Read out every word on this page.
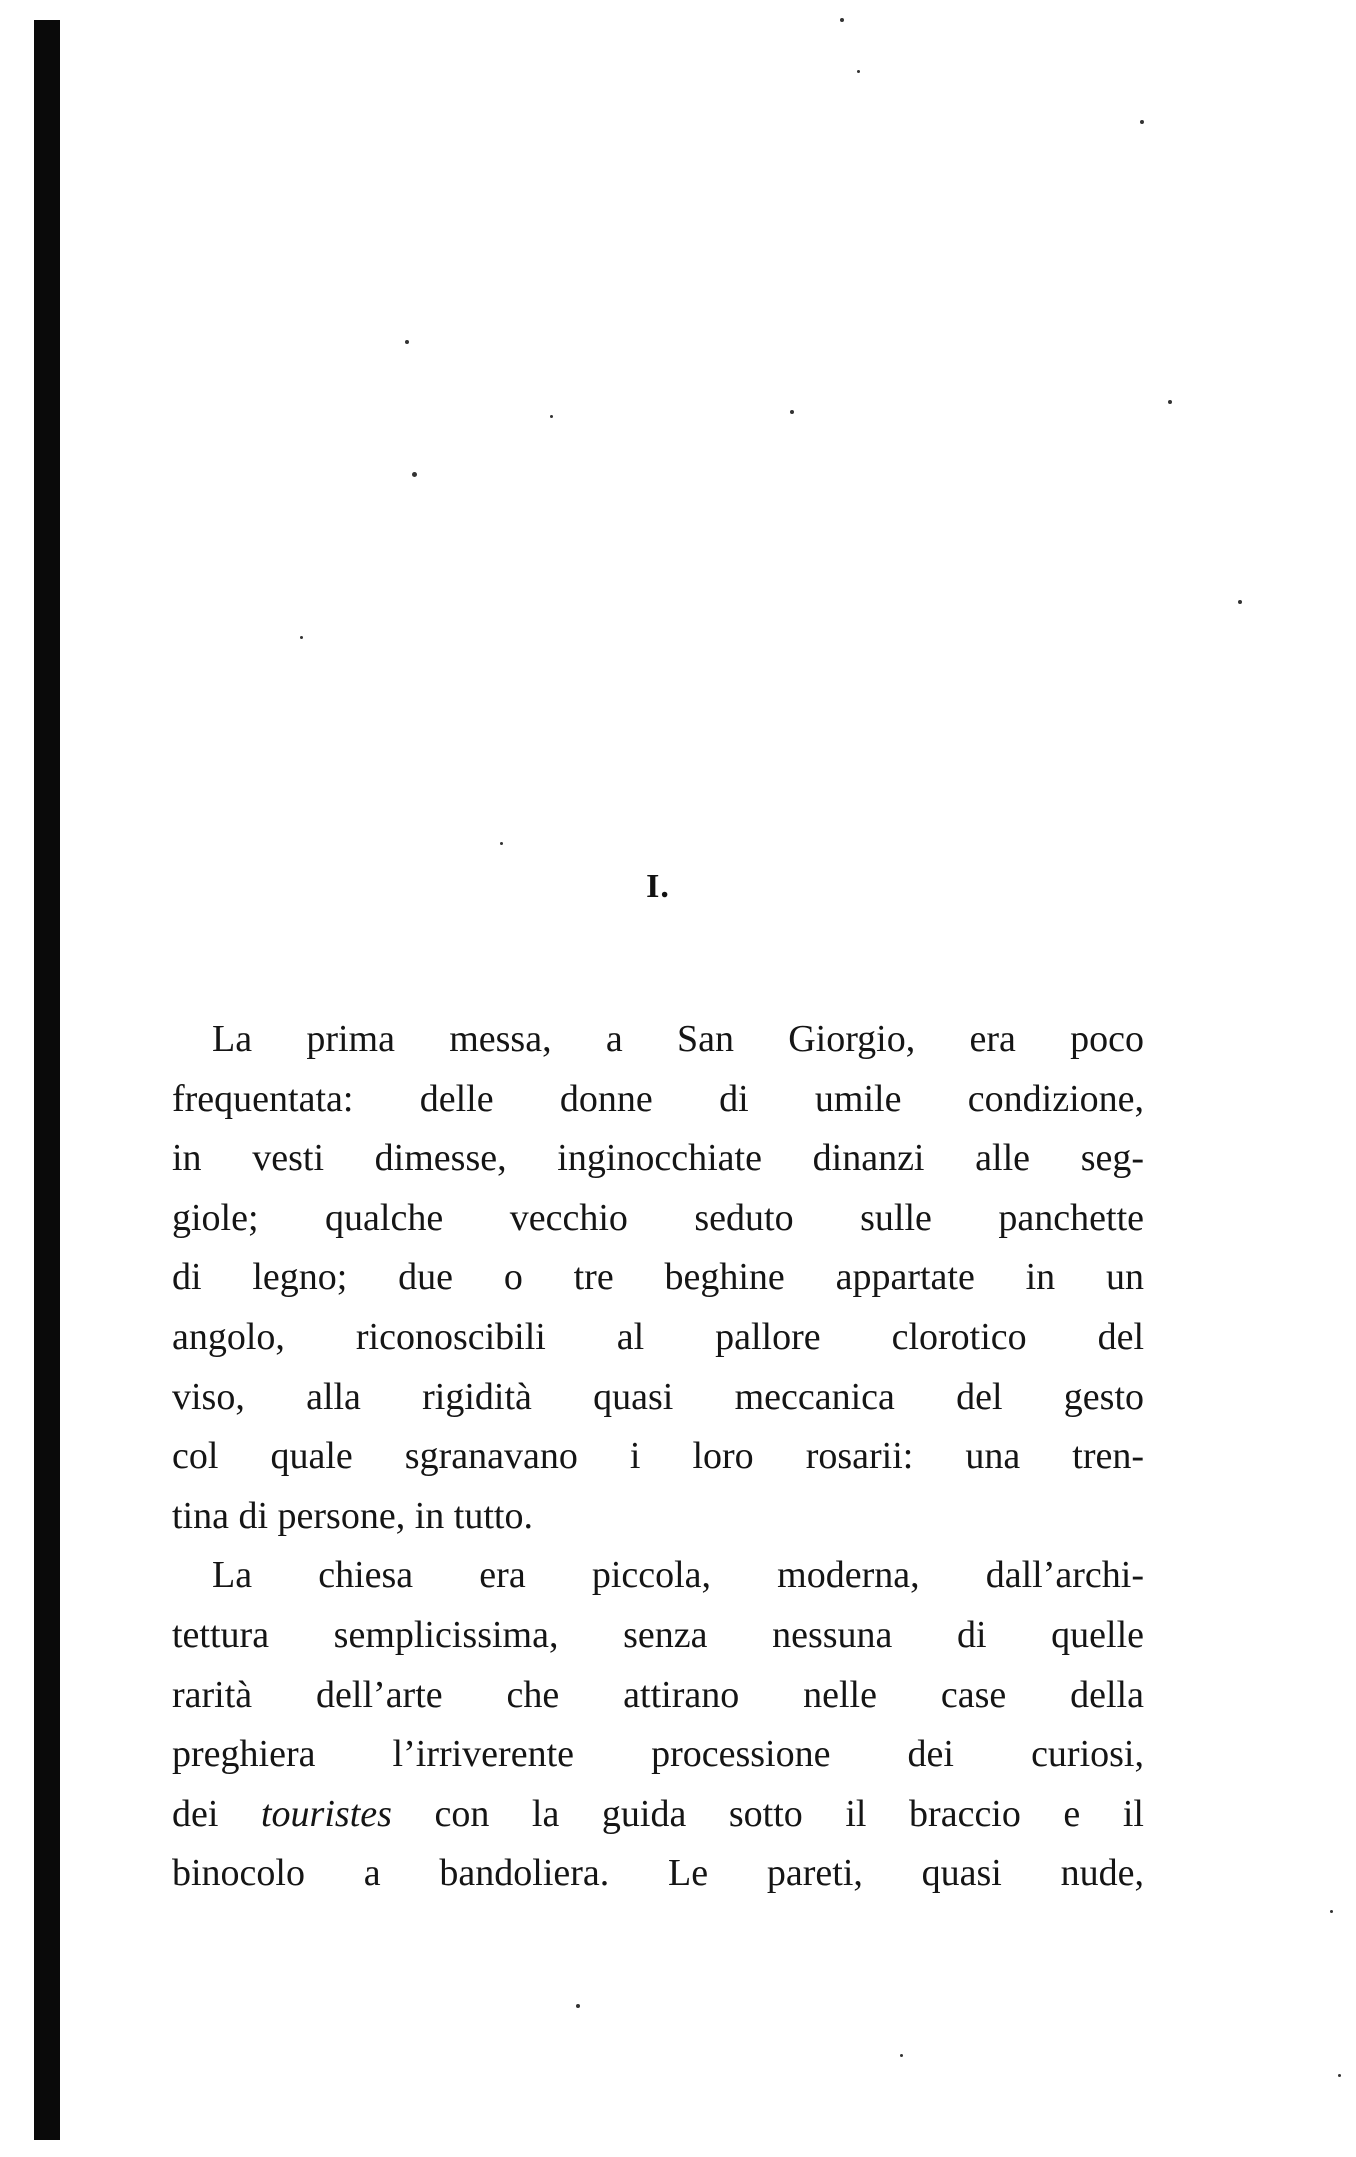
I.
La prima messa, a San Giorgio, era poco
frequentata: delle donne di umile condizione,
in vesti dimesse, inginocchiate dinanzi alle seg-
giole; qualche vecchio seduto sulle panchette
di legno; due o tre beghine appartate in un
angolo, riconoscibili al pallore clorotico del
viso, alla rigidità quasi meccanica del gesto
col quale sgranavano i loro rosarii: una tren-
tina di persone, in tutto.
La chiesa era piccola, moderna, dall’archi-
tettura semplicissima, senza nessuna di quelle
rarità dell’arte che attirano nelle case della
preghiera l’irriverente processione dei curiosi,
dei touristes con la guida sotto il braccio e il
binocolo a bandoliera. Le pareti, quasi nude,
